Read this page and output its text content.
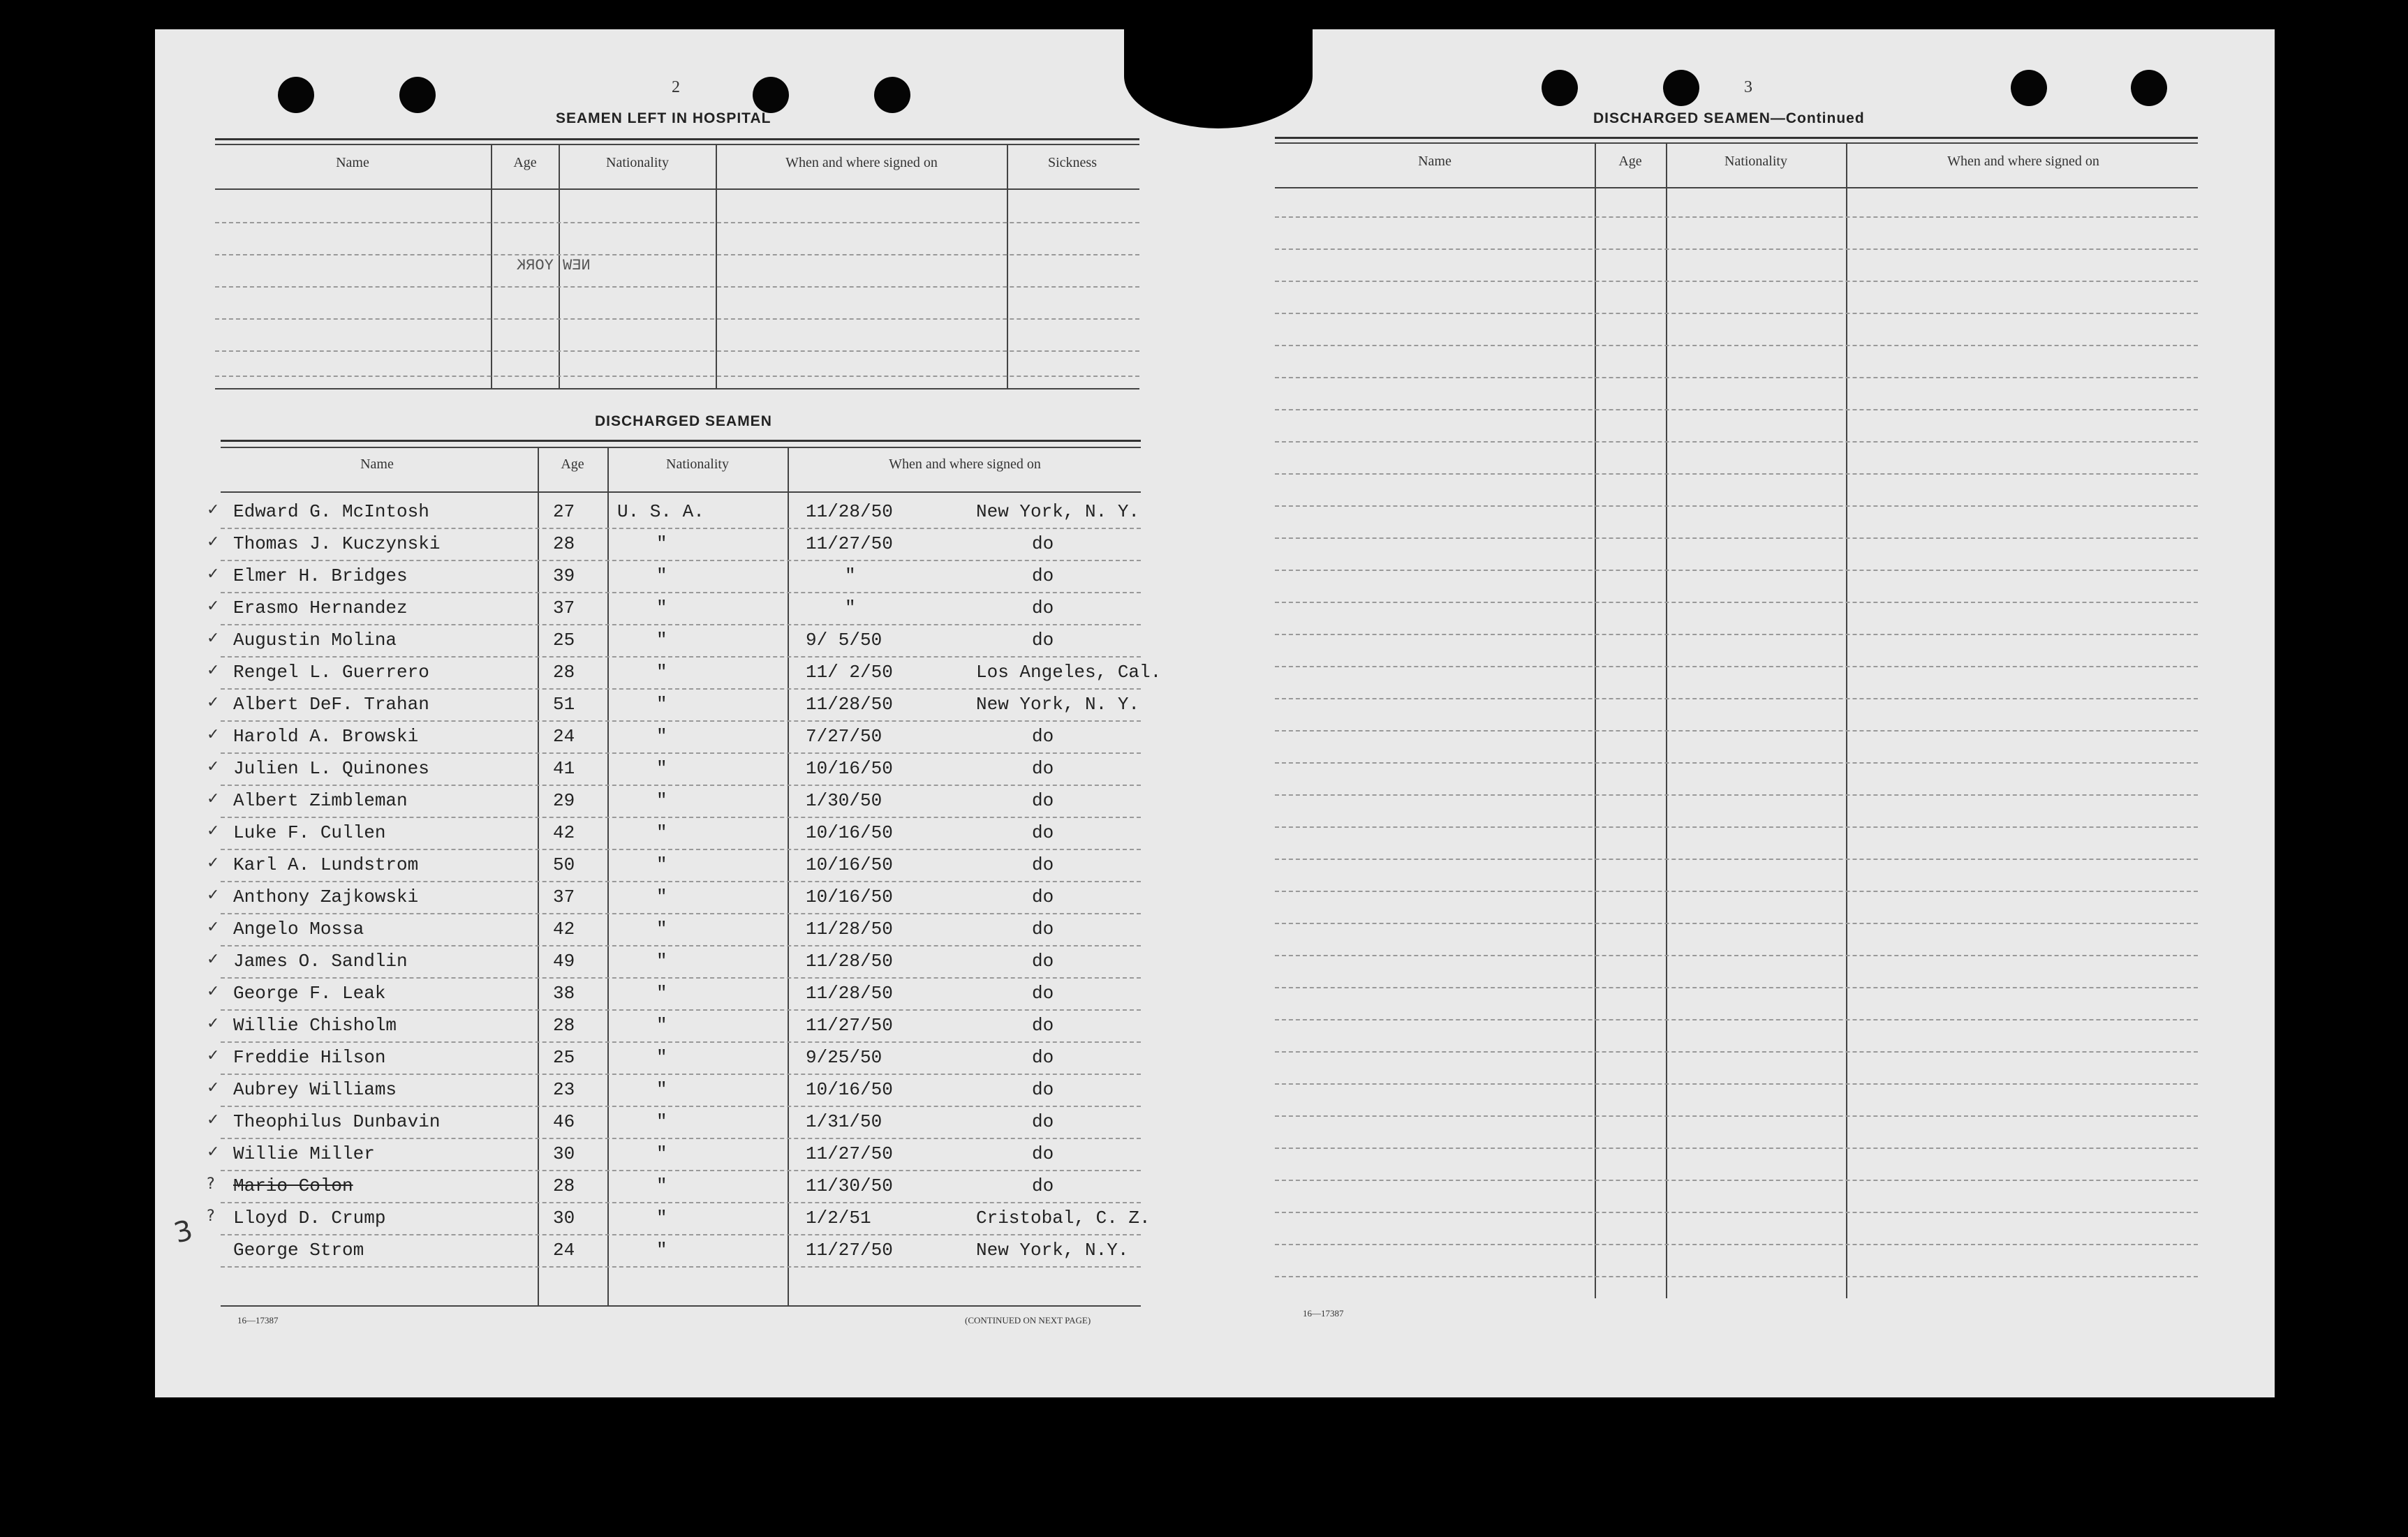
2
SEAMEN LEFT IN HOSPITAL
Name	Age	Nationality	When and where signed on	Sickness
NEW YORK
DISCHARGED SEAMEN
Name	Age	Nationality	When and where signed on
✓ Edward G. McIntosh	27 U. S. A.	11/28/50	New York, N. Y.
✓ Thomas J. Kuczynski	28	"	11/27/50	do
✓ Elmer H. Bridges	39	"	"	do
✓ Erasmo Hernandez	37	"	"	do
✓ Augustin Molina	25	"	9/ 5/50	do
✓ Rengel L. Guerrero	28	"	11/ 2/50	Los Angeles, Cal.
✓ Albert DeF. Trahan	51	"	11/28/50	New York, N. Y.
✓ Harold A. Browski	24	"	7/27/50	do
✓ Julien L. Quinones	41	"	10/16/50	do
✓ Albert Zimbleman	29	"	1/30/50	do
✓ Luke F. Cullen	42	"	10/16/50	do
✓ Karl A. Lundstrom	50	"	10/16/50	do
✓ Anthony Zajkowski	37	"	10/16/50	do
✓ Angelo Mossa	42	"	11/28/50	do
✓ James O. Sandlin	49	"	11/28/50	do
✓ George F. Leak	38	"	11/28/50	do
✓ Willie Chisholm	28	"	11/27/50	do
✓ Freddie Hilson	25	"	9/25/50	do
✓ Aubrey Williams	23	"	10/16/50	do
✓ Theophilus Dunbavin	46	"	1/31/50	do
✓ Willie Miller	30	"	11/27/50	do
? Mario Colon	28	"	11/30/50	do
? Lloyd D. Crump	30	"	1/2/51	Cristobal, C. Z.
George Strom	24	"	11/27/50	New York, N.Y.
3
16—17387	(CONTINUED ON NEXT PAGE)
3
DISCHARGED SEAMEN—Continued
Name	Age	Nationality	When and where signed on
16—17387
